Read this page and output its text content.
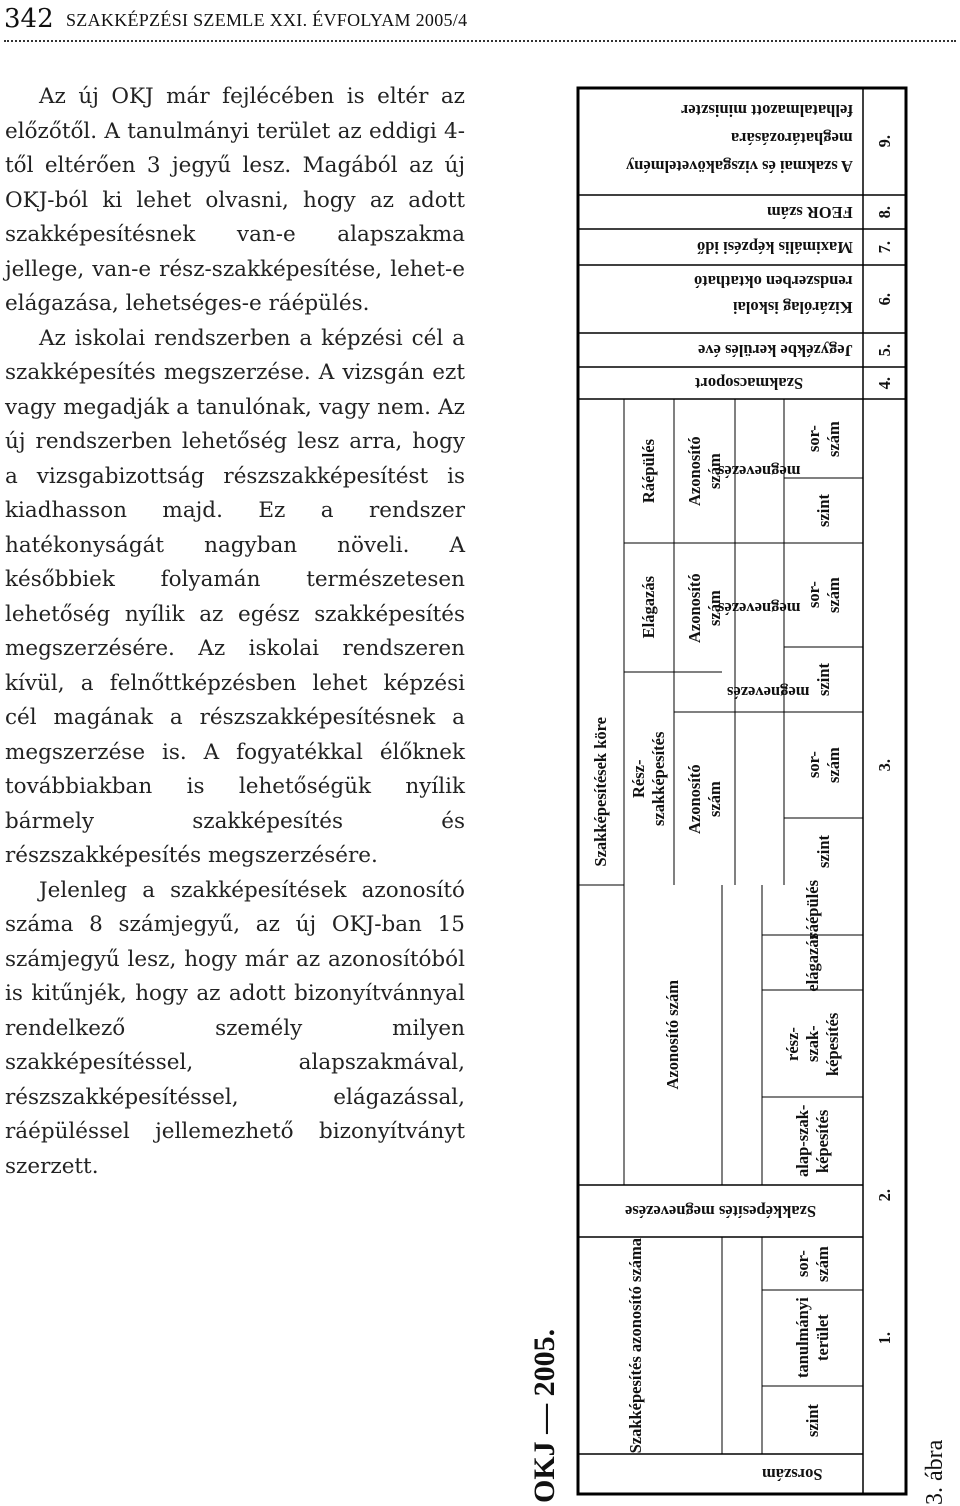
342 SZAKKÉPZÉSI SZEMLE XXI. ÉVFOLYAM 2005/4

Az új OKJ már fejlécében is eltér az előzőtől. A tanulmányi terület az eddigi 4-től eltérően 3 jegyű lesz. Magából az új OKJ-ból ki lehet olvasni, hogy az adott szakképesítésnek van-e alapszakma jellege, van-e rész-szakképesítése, lehet-e elágazása, lehetséges-e ráépülés.

Az iskolai rendszerben a képzési cél a szakképesítés megszerzése. A vizsgán ezt vagy megadják a tanulónak, vagy nem. Az új rendszerben lehetőség lesz arra, hogy a vizsgabizottság részszakképesítést is kiadhasson majd. Ez a rendszer hatékonyságát nagyban növeli. A későbbiek folyamán természetesen lehetőség nyílik az egész szakképesítés megszerzésére. Az iskolai rendszeren kívül, a felnőttképzésben lehet képzési cél magának a részszakképesítésnek a megszerzése is. A fogyatékkal élőknek továbbiakban is lehetőségük nyílik bármely szakképesítés és részszakképesítés megszerzésére.

Jelenleg a szakképesítések azonosító száma 8 számjegyű, az új OKJ-ban 15 számjegyű lesz, hogy már az azonosítóból is kitűnjék, hogy az adott bizonyítvánnyal rendelkező személy milyen szakképesítéssel, alapszakmával, részszakképesítéssel, elágazással, ráépüléssel jellemezhető bizonyítványt szerzett.

OKJ — 2005.	3. ábra
1.
2.
3.
4.
5.
6.
7.
8.
9.
Sorszám
Szakképesítés azonosító száma	szint
tanulmányi terület
sor-szám
Szakképesítés megnevezése
Azonosító szám
alap-szak-képesítés
rész-szak-képesítés
elágazás
ráépülés
Szakképesítések köre Rész-szakképesítés
Elágazás
Ráépülés
Azonosító szám
szint
sor-szám
megnevezés
Azonosító szám
szint
sor-szám
Azonosító szám
szint
sor-szám
megnevezés
megnevezés
Szakmacsoport
Jegyzékbe kerülés éve
rendszerben oktatható
Kizárólag iskolai
Maximális képzési idő
FEOR szám
felhatalmazott miniszter
meghatározására
A szakmai és vizsgakövetelmény
